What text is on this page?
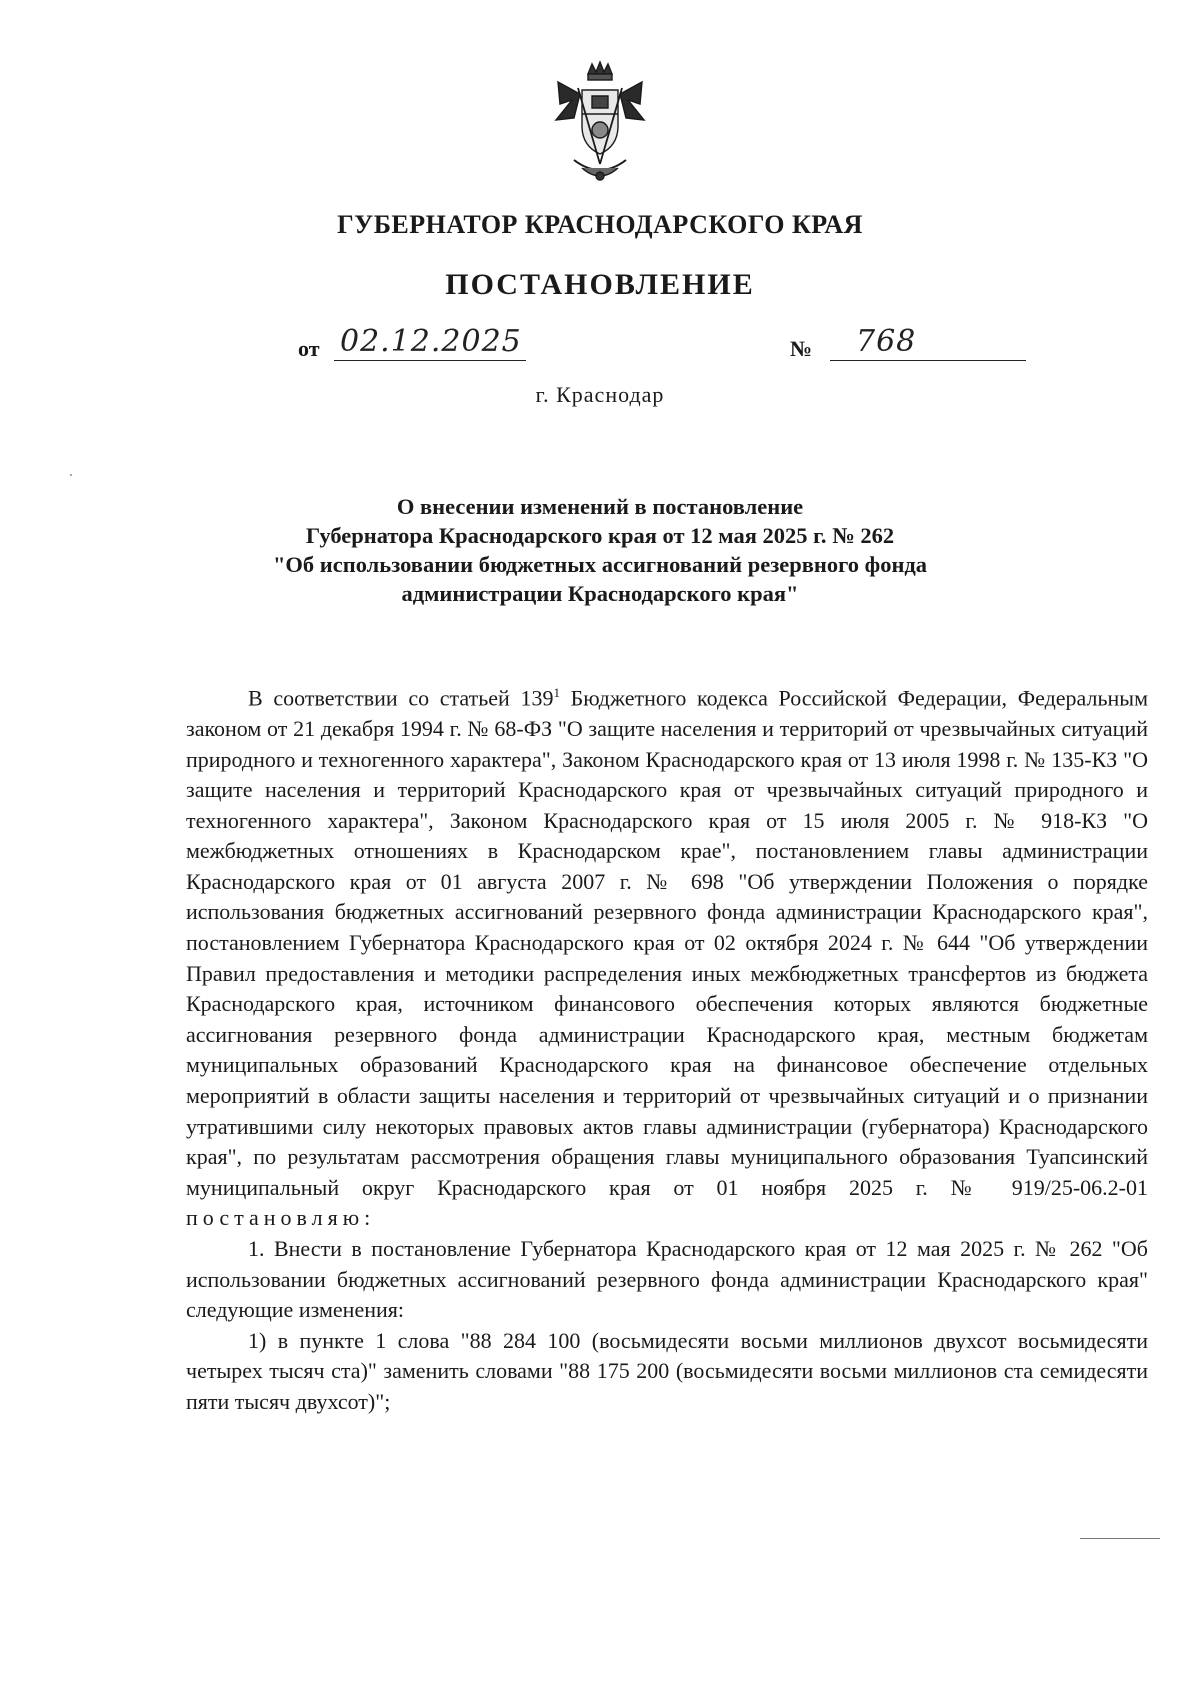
ГУБЕРНАТОР КРАСНОДАРСКОГО КРАЯ
ПОСТАНОВЛЕНИЕ
от 02.12.2025	№ 768
г. Краснодар
О внесении изменений в постановление
Губернатора Краснодарского края от 12 мая 2025 г. № 262
"Об использовании бюджетных ассигнований резервного фонда
администрации Краснодарского края"

В соответствии со статьей $139^1$ Бюджетного кодекса Российской Федерации, Федеральным законом от 21 декабря 1994 г. № 68-ФЗ "О защите населения и территорий от чрезвычайных ситуаций природного и техногенного характера", Законом Краснодарского края от 13 июля 1998 г. № 135-КЗ "О защите населения и территорий Краснодарского края от чрезвычайных ситуаций природного и техногенного характера", Законом Краснодарского края от 15 июля 2005 г. № 918-КЗ "О межбюджетных отношениях в Краснодарском крае", постановлением главы администрации Краснодарского края от 01 августа 2007 г. № 698 "Об утверждении Положения о порядке использования бюджетных ассигнований резервного фонда администрации Краснодарского края", постановлением Губернатора Краснодарского края от 02 октября 2024 г. № 644 "Об утверждении Правил предоставления и методики распределения иных межбюджетных трансфертов из бюджета Краснодарского края, источником финансового обеспечения которых являются бюджетные ассигнования резервного фонда администрации Краснодарского края, местным бюджетам муниципальных образований Краснодарского края на финансовое обеспечение отдельных мероприятий в области защиты населения и территорий от чрезвычайных ситуаций и о признании утратившими силу некоторых правовых актов главы администрации (губернатора) Краснодарского края", по результатам рассмотрения обращения главы муниципального образования Туапсинский муниципальный округ Краснодарского края от 01 ноября 2025 г. № 919/25-06.2-01 постановляю:

1. Внести в постановление Губернатора Краснодарского края от 12 мая 2025 г. № 262 "Об использовании бюджетных ассигнований резервного фонда администрации Краснодарского края" следующие изменения:

1) в пункте 1 слова "88 284 100 (восьмидесяти восьми миллионов двухсот восьмидесяти четырех тысяч ста)" заменить словами "88 175 200 (восьмидесяти восьми миллионов ста семидесяти пяти тысяч двухсот)";
